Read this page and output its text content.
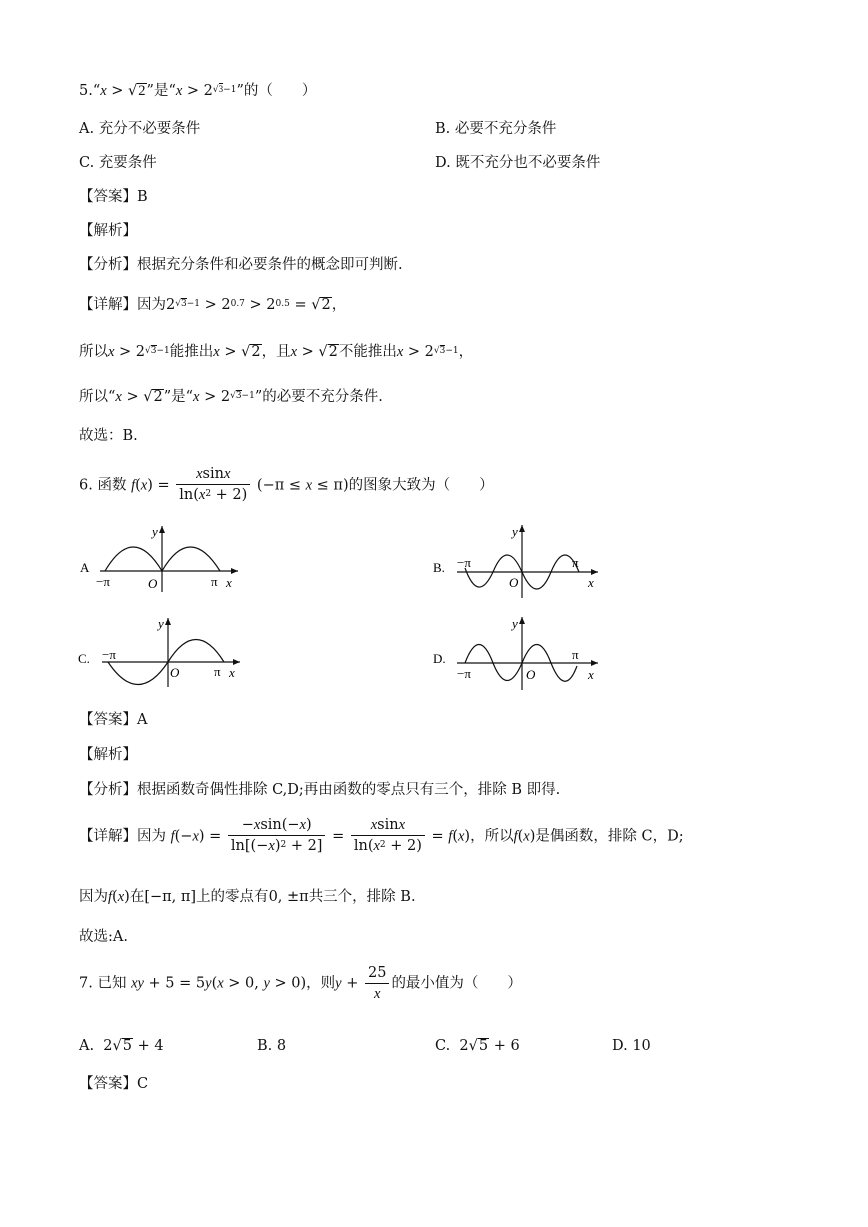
5.“x > √2”是“$x > 2^{√3-1}$”的（　　）
A. 充分不必要条件	B. 必要不充分条件
C. 充要条件	D. 既不充分也不必要条件
【答案】B
【解析】
【分析】根据充分条件和必要条件的概念即可判断.
【详解】因为$2^{√3-1} > 2^{0.7} > 2^{0.5} = √2$，
所以$x > 2^{√3-1}$能推出x > √2，且x > √2不能推出$x > 2^{√3-1}$，
所以“x > √2”是“$x > 2^{√3-1}$”的必要不充分条件.
故选：B.
6. 函数 $f(x) = \frac{xsinx}{\ln(x^2 + 2)} (-\pi \le x \le \pi)$的图象大致为（　　）
A
y
−π	O	π x
B.
y
−π
O
π
x
C.
y
−π
O	π x
D.
y
−π	O
π
x
【答案】A
【解析】
【分析】根据函数奇偶性排除 C,D;再由函数的零点只有三个，排除 B 即得.
【详解】因为 $f(-x) = \frac{-xsin(-x)}{\ln[(-x)^2 + 2]} = \frac{xsinx}{\ln(x^2 + 2)} = f(x)$，所以f(x)是偶函数，排除 C，D;
因为f(x)在[−π, π]上的零点有0, ±π共三个，排除 B.
故选:A.
7. 已知 xy + 5 = 5y(x > 0, y > 0)，则$y + \frac{25}{x}$ 的最小值为（　　）
A.  2√5 + 4	B. 8	C.  2√5 + 6	D. 10
【答案】C
